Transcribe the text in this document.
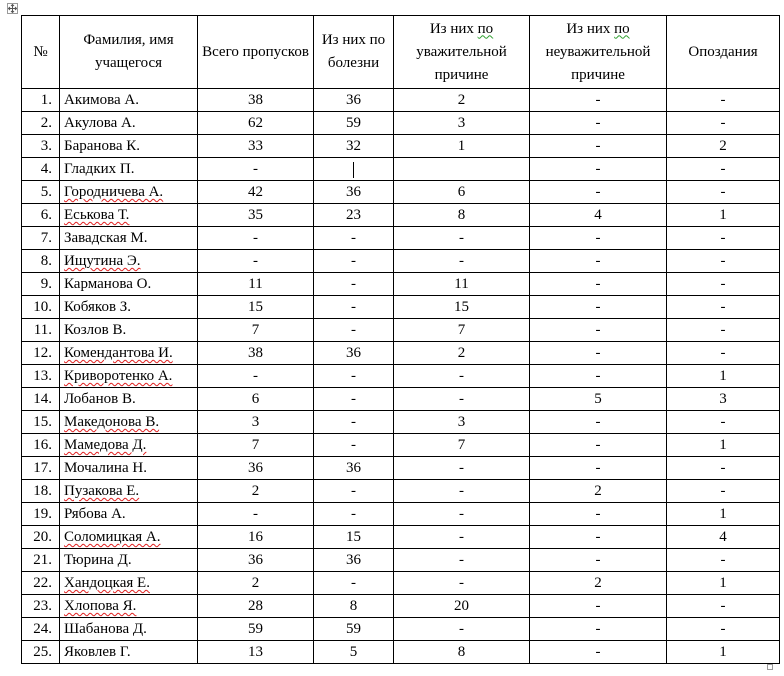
№	Фамилия, имя учащегося	Всего пропусков	Из них по болезни	Из них по уважительной причине	Из них по неуважительной причине	Опоздания
1.	Акимова А.	38	36	2	-	-
2.	Акулова А.	62	59	3	-	-
3.	Баранова К.	33	32	1	-	2
4.	Гладких П.	-			-	-
5.	Городничева А.	42	36	6	-	-
6.	Еськова Т.	35	23	8	4	1
7.	Завадская М.	-	-	-	-	-
8.	Ищутина Э.	-	-	-	-	-
9.	Карманова О.	11	-	11	-	-
10.	Кобяков З.	15	-	15	-	-
11.	Козлов В.	7	-	7	-	-
12.	Комендантова И.	38	36	2	-	-
13.	Криворотенко А.	-	-	-	-	1
14.	Лобанов В.	6	-	-	5	3
15.	Македонова В.	3	-	3	-	-
16.	Мамедова Д.	7	-	7	-	1
17.	Мочалина Н.	36	36	-	-	-
18.	Пузакова Е.	2	-	-	2	-
19.	Рябова А.	-	-	-	-	1
20.	Соломицкая А.	16	15	-	-	4
21.	Тюрина Д.	36	36	-	-	-
22.	Хандоцкая Е.	2	-	-	2	1
23.	Хлопова Я.	28	8	20	-	-
24.	Шабанова Д.	59	59	-	-	-
25.	Яковлев Г.	13	5	8	-	1
